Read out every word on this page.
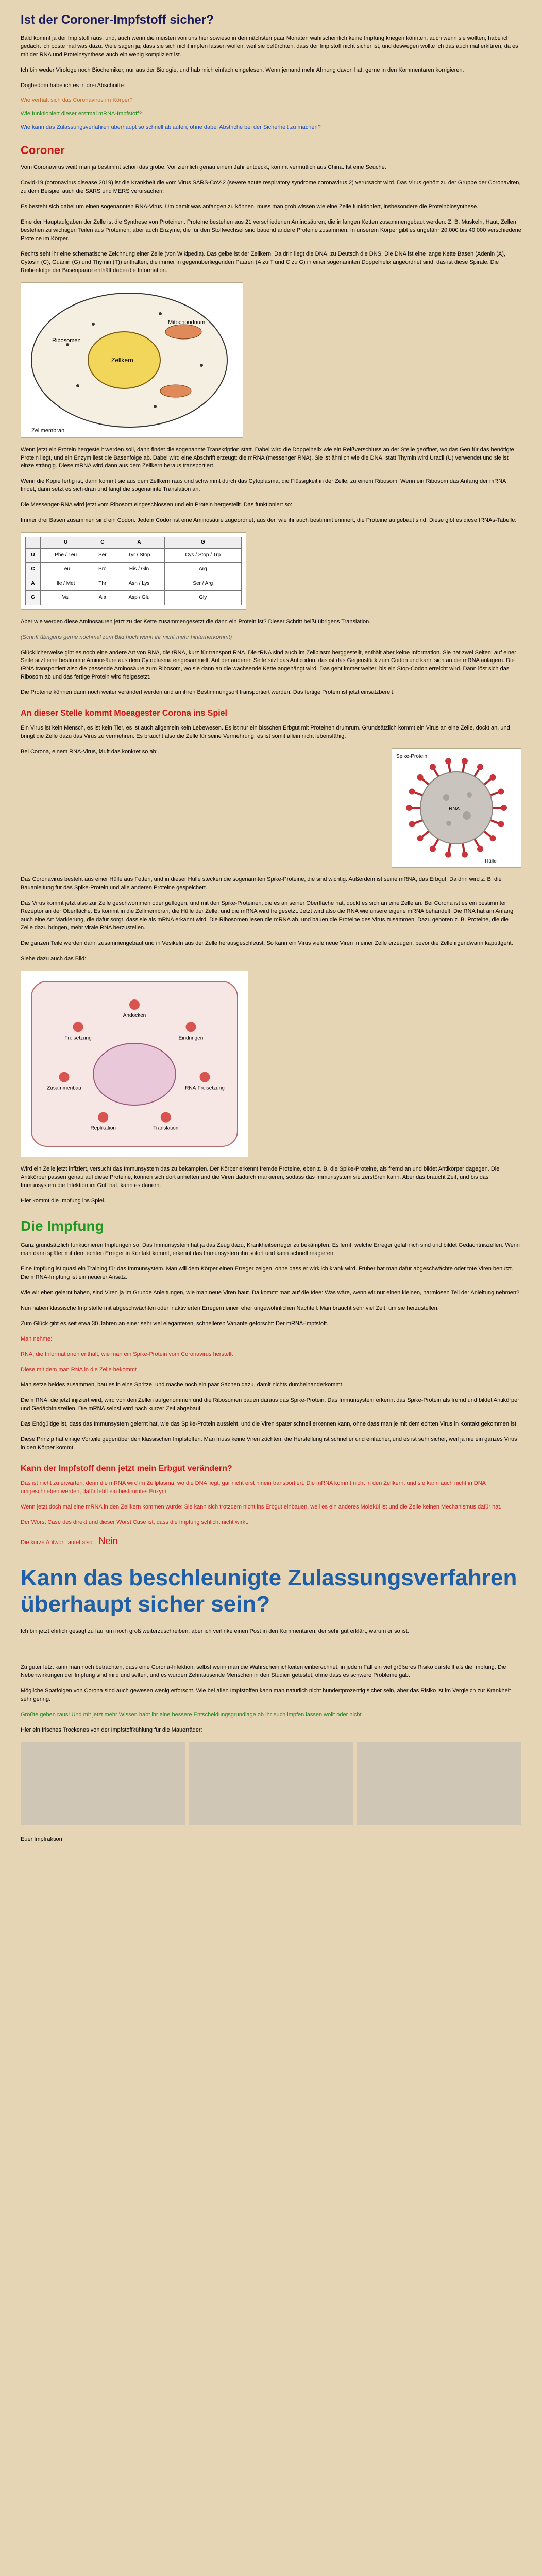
Ist der Coroner-Impfstoff sicher?

Bald kommt ja der Impfstoff raus, und, auch wenn die meisten von uns hier sowieso in den nächsten paar Monaten wahrscheinlich keine Impfung kriegen könnten, auch wenn sie wollten, habe ich gedacht ich poste mal was dazu. Viele sagen ja, dass sie sich nicht impfen lassen wollen, weil sie befürchten, dass der Impfstoff nicht sicher ist, und deswegen wollte ich das auch mal erklären, da es mit der RNA und Proteinsynthese auch ein wenig kompliziert ist.

Ich bin weder Virologe noch Biochemiker, nur aus der Biologie, und hab mich einfach eingelesen. Wenn jemand mehr Ahnung davon hat, gerne in den Kommentaren korrigieren.

Dogbedom habe ich es in drei Abschnitte:

Wie verhält sich das Coronavirus im Körper?

Wie funktioniert dieser erstmal mRNA-Impfstoff?

Wie kann das Zulassungsverfahren überhaupt so schnell ablaufen, ohne dabei Abstriche bei der Sicherheit zu machen?

Coroner

Vom Coronavirus weiß man ja bestimmt schon das grobe. Vor ziemlich genau einem Jahr entdeckt, kommt vermutlich aus China. Ist eine Seuche.

Covid-19 (coronavirus disease 2019) ist die Krankheit die vom Virus SARS-CoV-2 (severe acute respiratory syndrome coronavirus 2) verursacht wird. Das Virus gehört zu der Gruppe der Coronaviren, zu dem Beispiel auch die SARS und MERS verursachen.

Es besteht sich dabei um einen sogenannten RNA-Virus. Um damit was anfangen zu können, muss man grob wissen wie eine Zelle funktioniert, insbesondere die Proteinbiosynthese.

Eine der Hauptaufgaben der Zelle ist die Synthese von Proteinen. Proteine bestehen aus 21 verschiedenen Aminosäuren, die in langen Ketten zusammengebaut werden. Z. B. Muskeln, Haut, Zellen bestehen zu wichtigen Teilen aus Proteinen, aber auch Enzyme, die für den Stoffwechsel sind bauend andere Proteine zusammen. In unserem Körper gibt es ungefähr 20.000 bis 40.000 verschiedene Proteine im Körper.

Rechts seht ihr eine schematische Zeichnung einer Zelle (von Wikipedia). Das gelbe ist der Zellkern. Da drin liegt die DNA, zu Deutsch die DNS. Die DNA ist eine lange Kette Basen (Adenin (A), Cytosin (C), Guanin (G) und Thymin (T)) enthalten, die immer in gegenüberliegenden Paaren (A zu T und C zu G) in einer sogenannten Doppelhelix angeordnet sind, das ist diese Spirale. Die Reihenfolge der Basenpaare enthält dabei die Information.

Zellkern
Mitochondrium
Ribosomen
Zellmembran

Wenn jetzt ein Protein hergestellt werden soll, dann findet die sogenannte Transkription statt. Dabei wird die Doppelhelix wie ein Reißverschluss an der Stelle geöffnet, wo das Gen für das benötigte Protein liegt, und ein Enzym liest die Basenfolge ab. Dabei wird eine Abschrift erzeugt: die mRNA (messenger RNA). Sie ist ähnlich wie die DNA, statt Thymin wird Uracil (U) verwendet und sie ist einzelsträngig. Diese mRNA wird dann aus dem Zellkern heraus transportiert.

Wenn die Kopie fertig ist, dann kommt sie aus dem Zellkern raus und schwimmt durch das Cytoplasma, die Flüssigkeit in der Zelle, zu einem Ribosom. Wenn ein Ribosom das Anfang der mRNA findet, dann setzt es sich dran und fängt die sogenannte Translation an.

Die Messenger-RNA wird jetzt vom Ribosom eingeschlossen und ein Protein hergestellt. Das funktioniert so:

Immer drei Basen zusammen sind ein Codon. Jedem Codon ist eine Aminosäure zugeordnet, aus der, wie ihr auch bestimmt erinnert, die Proteine aufgebaut sind. Diese gibt es diese tRNAs-Tabelle:

	U	C	A	G
U	Phe / Leu	Ser	Tyr / Stop	Cys / Stop / Trp
C	Leu	Pro	His / Gln	Arg
A	Ile / Met	Thr	Asn / Lys	Ser / Arg
G	Val	Ala	Asp / Glu	Gly

Aber wie werden diese Aminosäuren jetzt zu der Kette zusammengesetzt die dann ein Protein ist? Dieser Schritt heißt übrigens Translation.

(Schrift übrigens gerne nochmal zum Bild hoch wenn ihr nicht mehr hinterherkommt)

Glücklicherweise gibt es noch eine andere Art von RNA, die tRNA, kurz für transport RNA. Die tRNA sind auch im Zellplasm herggestellt, enthält aber keine Information. Sie hat zwei Seiten: auf einer Seite sitzt eine bestimmte Aminosäure aus dem Cytoplasma eingesammelt. Auf der anderen Seite sitzt das Anticodon, das ist das Gegenstück zum Codon und kann sich an die mRNA anlagern. Die tRNA transportiert also die passende Aminosäure zum Ribosom, wo sie dann an die wachsende Kette angehängt wird. Das geht immer weiter, bis ein Stop-Codon erreicht wird. Dann löst sich das Ribosom ab und das fertige Protein wird freigesetzt.

Die Proteine können dann noch weiter verändert werden und an ihren Bestimmungsort transportiert werden. Das fertige Protein ist jetzt einsatzbereit.

An dieser Stelle kommt Moeagester Corona ins Spiel

Ein Virus ist kein Mensch, es ist kein Tier, es ist auch allgemein kein Lebewesen. Es ist nur ein bisschen Erbgut mit Proteinen drumrum. Grundsätzlich kommt ein Virus an eine Zelle, dockt an, und bringt die Zelle dazu das Virus zu vermehren. Es braucht also die Zelle für seine Vermehrung, es ist somit allein nicht lebensfähig.

Bei Corona, einem RNA-Virus, läuft das konkret so ab:

Spike-Protein
RNA
Hülle

Das Coronavirus besteht aus einer Hülle aus Fetten, und in dieser Hülle stecken die sogenannten Spike-Proteine, die sind wichtig. Außerdem ist seine mRNA, das Erbgut. Da drin wird z. B. die Bauanleitung für das Spike-Protein und alle anderen Proteine gespeichert.

Das Virus kommt jetzt also zur Zelle geschwommen oder geflogen, und mit den Spike-Proteinen, die es an seiner Oberfläche hat, dockt es sich an eine Zelle an. Bei Corona ist es ein bestimmter Rezeptor an der Oberfläche. Es kommt in die Zellmembran, die Hülle der Zelle, und die mRNA wird freigesetzt. Jetzt wird also die RNA wie unsere eigene mRNA behandelt. Die RNA hat am Anfang auch eine Art Markierung, die dafür sorgt, dass sie als mRNA erkannt wird. Die Ribosomen lesen die mRNA ab, und bauen die Proteine des Virus zusammen. Dazu gehören z. B. Proteine, die die Zelle dazu bringen, mehr virale RNA herzustellen.

Die ganzen Teile werden dann zusammengebaut und in Vesikeln aus der Zelle herausgeschleust. So kann ein Virus viele neue Viren in einer Zelle erzeugen, bevor die Zelle irgendwann kaputtgeht.

Siehe dazu auch das Bild:

Andocken
Eindringen
RNA-Freisetzung
Translation
Replikation
Zusammenbau
Freisetzung

Wird ein Zelle jetzt infiziert, versucht das Immunsystem das zu bekämpfen. Der Körper erkennt fremde Proteine, eben z. B. die Spike-Proteine, als fremd an und bildet Antikörper dagegen. Die Antikörper passen genau auf diese Proteine, können sich dort anheften und die Viren dadurch markieren, sodass das Immunsystem sie zerstören kann. Aber das braucht Zeit, und bis das Immunsystem die Infektion im Griff hat, kann es dauern.

Hier kommt die Impfung ins Spiel.

Die Impfung

Ganz grundsätzlich funktionieren Impfungen so: Das Immunsystem hat ja das Zeug dazu, Krankheitserreger zu bekämpfen. Es lernt, welche Erreger gefährlich sind und bildet Gedächtniszellen. Wenn man dann später mit dem echten Erreger in Kontakt kommt, erkennt das Immunsystem ihn sofort und kann schnell reagieren.

Eine Impfung ist quasi ein Training für das Immunsystem. Man will dem Körper einen Erreger zeigen, ohne dass er wirklich krank wird. Früher hat man dafür abgeschwächte oder tote Viren benutzt. Die mRNA-Impfung ist ein neuerer Ansatz.

Wie wir eben gelernt haben, sind Viren ja im Grunde Anleitungen, wie man neue Viren baut. Da kommt man auf die Idee: Was wäre, wenn wir nur einen kleinen, harmlosen Teil der Anleitung nehmen?

Nun haben klassische Impfstoffe mit abgeschwächten oder inaktivierten Erregern einen eher ungewöhnlichen Nachteil: Man braucht sehr viel Zeit, um sie herzustellen.

Zum Glück gibt es seit etwa 30 Jahren an einer sehr viel eleganteren, schnelleren Variante geforscht: Der mRNA-Impfstoff.

Man nehme:

RNA, die Informationen enthält, wie man ein Spike-Protein vom Coronavirus herstellt

Diese mit dem man RNA in die Zelle bekommt

Man setze beides zusammen, bau es in eine Spritze, und mache noch ein paar Sachen dazu, damit nichts durcheinanderkommt.

Die mRNA, die jetzt injiziert wird, wird von den Zellen aufgenommen und die Ribosomen bauen daraus das Spike-Protein. Das Immunsystem erkennt das Spike-Protein als fremd und bildet Antikörper und Gedächtniszellen. Die mRNA selbst wird nach kurzer Zeit abgebaut.

Das Endgültige ist, dass das Immunsystem gelernt hat, wie das Spike-Protein aussieht, und die Viren später schnell erkennen kann, ohne dass man je mit dem echten Virus in Kontakt gekommen ist.

Diese Prinzip hat einige Vorteile gegenüber den klassischen Impfstoffen: Man muss keine Viren züchten, die Herstellung ist schneller und einfacher, und es ist sehr sicher, weil ja nie ein ganzes Virus in den Körper kommt.

Kann der Impfstoff denn jetzt mein Erbgut verändern?

Das ist nicht zu erwarten, denn die mRNA wird im Zellplasma, wo die DNA liegt, gar nicht erst hinein transportiert. Die mRNA kommt nicht in den Zellkern, und sie kann auch nicht in DNA umgeschrieben werden, dafür fehlt ein bestimmtes Enzym.

Wenn jetzt doch mal eine mRNA in den Zellkern kommen würde: Sie kann sich trotzdem nicht ins Erbgut einbauen, weil es ein anderes Molekül ist und die Zelle keinen Mechanismus dafür hat.

Der Worst Case des direkt und dieser Worst Case ist, dass die Impfung schlicht nicht wirkt.

Die kurze Antwort lautet also: Nein

Kann das beschleunigte Zulassungsverfahren überhaupt sicher sein?

Ich bin jetzt ehrlich gesagt zu faul um noch groß weiterzuschreiben, aber ich verlinke einen Post in den Kommentaren, der sehr gut erklärt, warum er so ist.

Zu guter letzt kann man noch betrachten, dass eine Corona-Infektion, selbst wenn man die Wahrscheinlichkeiten einberechnet, in jedem Fall ein viel größeres Risiko darstellt als die Impfung. Die Nebenwirkungen der Impfung sind mild und selten, und es wurden Zehntausende Menschen in den Studien getestet, ohne dass es schwere Probleme gab.

Mögliche Spätfolgen von Corona sind auch gewesen wenig erforscht. Wie bei allen Impfstoffen kann man natürlich nicht hundertprozentig sicher sein, aber das Risiko ist im Vergleich zur Krankheit sehr gering.

Größte gehen raus! Und mit jetzt mehr Wissen habt ihr eine bessere Entscheidungsgrundlage ob ihr euch impfen lassen wollt oder nicht.

Hier ein frisches Trockenes von der Impfstoffkühlung für die Mauerräder:

Euer Impfraktion
